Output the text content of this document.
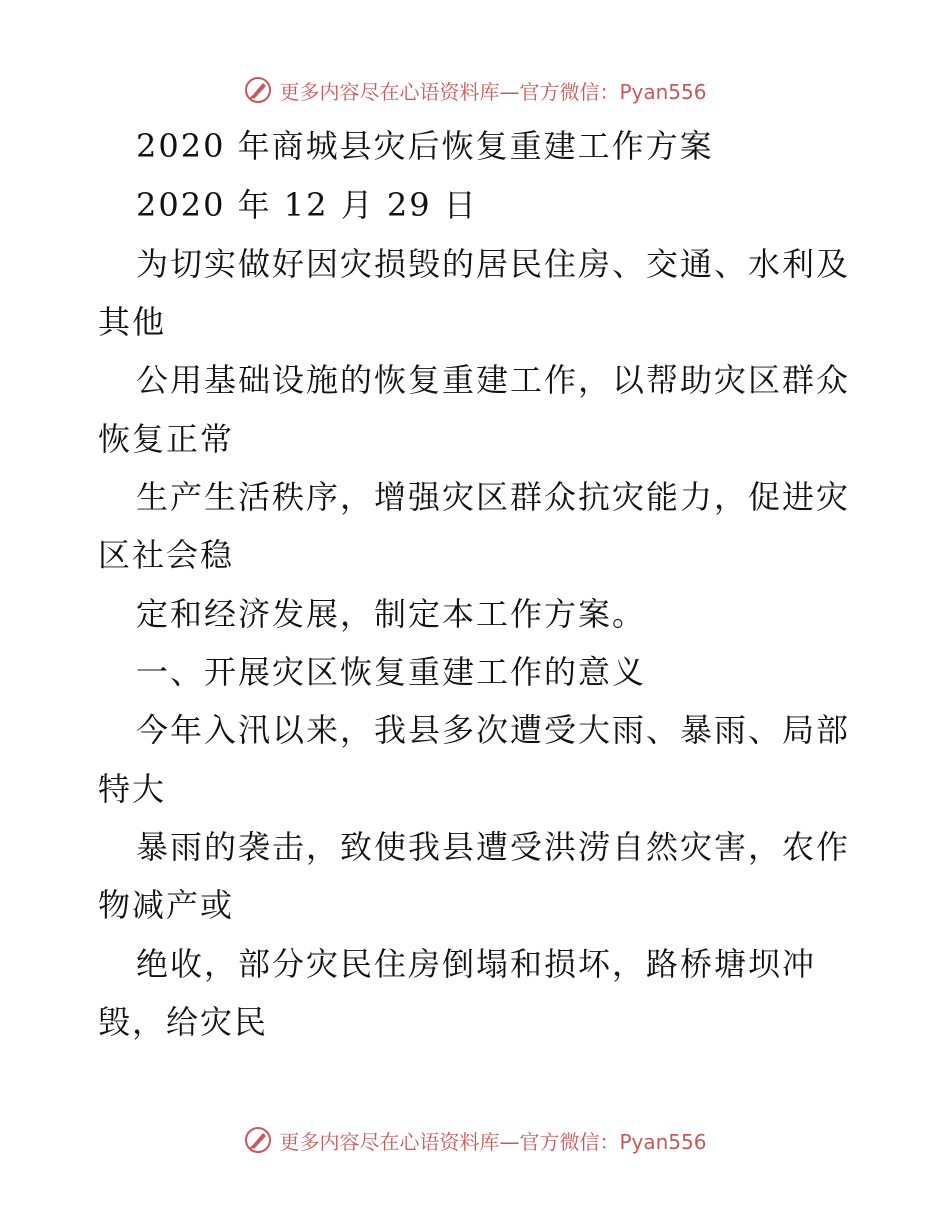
更多内容尽在心语资料库—官方微信：Pyan556
2020 年商城县灾后恢复重建工作方案
2020 年 12 月 29 日
为切实做好因灾损毁的居民住房、交通、水利及
其他
公用基础设施的恢复重建工作，以帮助灾区群众
恢复正常
生产生活秩序，增强灾区群众抗灾能力，促进灾
区社会稳
定和经济发展，制定本工作方案。
一、开展灾区恢复重建工作的意义
今年入汛以来，我县多次遭受大雨、暴雨、局部
特大
暴雨的袭击，致使我县遭受洪涝自然灾害，农作
物减产或
绝收，部分灾民住房倒塌和损坏，路桥塘坝冲
毁，给灾民
更多内容尽在心语资料库—官方微信：Pyan556
